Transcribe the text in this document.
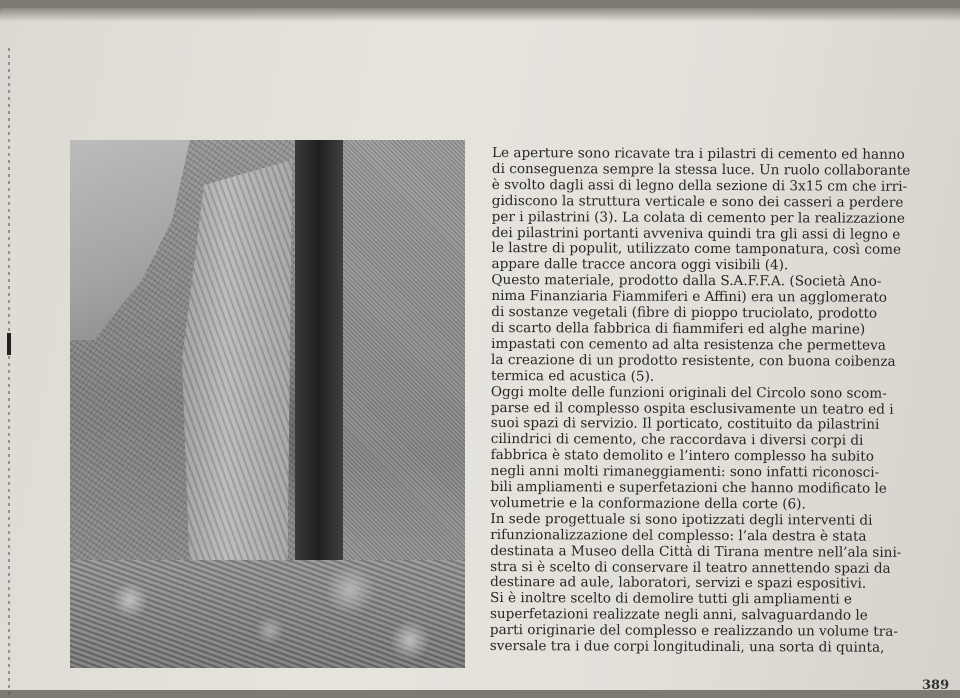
Le aperture sono ricavate tra i pilastri di cemento ed hanno
di conseguenza sempre la stessa luce. Un ruolo collaborante
è svolto dagli assi di legno della sezione di 3x15 cm che irri-
gidiscono la struttura verticale e sono dei casseri a perdere
per i pilastrini (3). La colata di cemento per la realizzazione
dei pilastrini portanti avveniva quindi tra gli assi di legno e
le lastre di populit, utilizzato come tamponatura, così come
appare dalle tracce ancora oggi visibili (4).
Questo materiale, prodotto dalla S.A.F.F.A. (Società Ano-
nima Finanziaria Fiammiferi e Affini) era un agglomerato
di sostanze vegetali (fibre di pioppo truciolato, prodotto
di scarto della fabbrica di fiammiferi ed alghe marine)
impastati con cemento ad alta resistenza che permetteva
la creazione di un prodotto resistente, con buona coibenza
termica ed acustica (5).
Oggi molte delle funzioni originali del Circolo sono scom-
parse ed il complesso ospita esclusivamente un teatro ed i
suoi spazi di servizio. Il porticato, costituito da pilastrini
cilindrici di cemento, che raccordava i diversi corpi di
fabbrica è stato demolito e l’intero complesso ha subito
negli anni molti rimaneggiamenti: sono infatti riconosci-
bili ampliamenti e superfetazioni che hanno modificato le
volumetrie e la conformazione della corte (6).
In sede progettuale si sono ipotizzati degli interventi di
rifunzionalizzazione del complesso: l’ala destra è stata
destinata a Museo della Città di Tirana mentre nell’ala sini-
stra si è scelto di conservare il teatro annettendo spazi da
destinare ad aule, laboratori, servizi e spazi espositivi.
Si è inoltre scelto di demolire tutti gli ampliamenti e
superfetazioni realizzate negli anni, salvaguardando le
parti originarie del complesso e realizzando un volume tra-
sversale tra i due corpi longitudinali, una sorta di quinta,
389
